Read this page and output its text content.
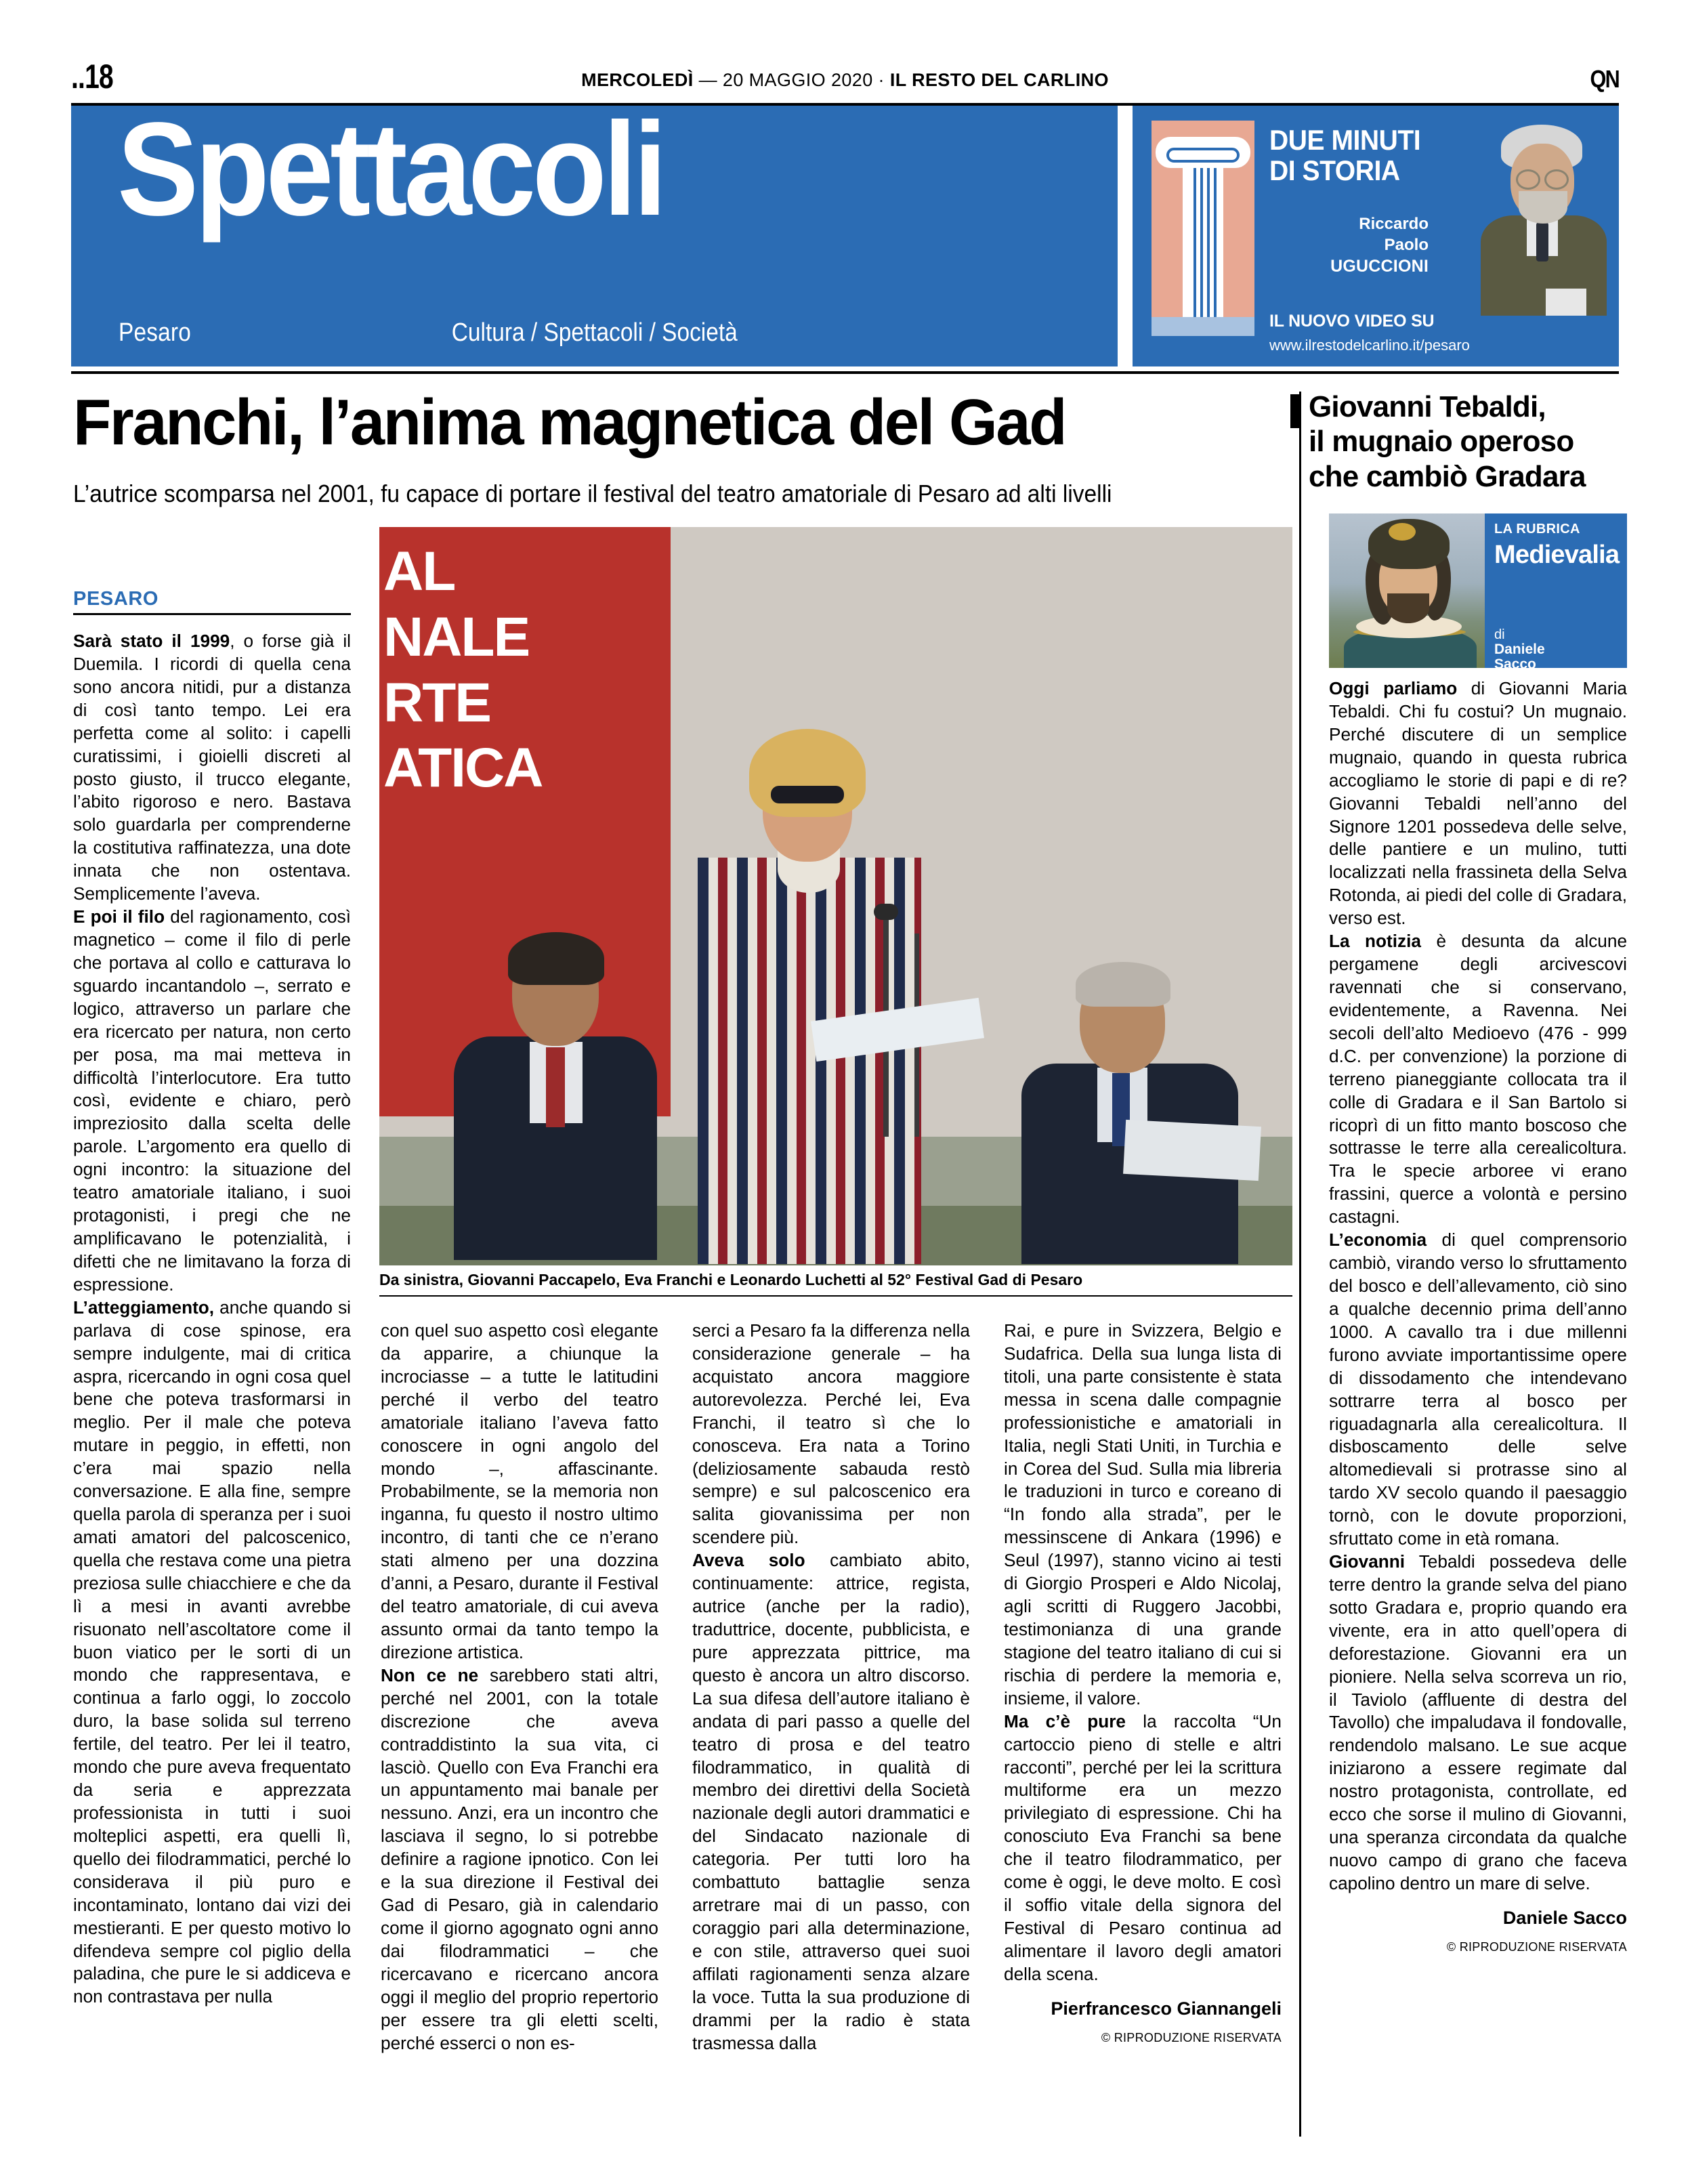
..18	MERCOLEDÌ — 20 MAGGIO 2020 · IL RESTO DEL CARLINO	QN
Spettacoli
Pesaro	Cultura / Spettacoli / Società
DUE MINUTI
DI STORIA
Riccardo
Paolo
UGUCCIONI
IL NUOVO VIDEO SU
www.ilrestodelcarlino.it/pesaro
Franchi, l’anima magnetica del Gad
L’autrice scomparsa nel 2001, fu capace di portare il festival del teatro amatoriale di Pesaro ad alti livelli
Giovanni Tebaldi,
il mugnaio operoso
che cambiò Gradara
PESARO	AL
NALE
RTE
ATICA
Da sinistra, Giovanni Paccapelo, Eva Franchi e Leonardo Luchetti al 52° Festival Gad di Pesaro

Sarà stato il 1999, o forse già il Duemila. I ricordi di quella cena sono ancora nitidi, pur a distanza di così tanto tempo. Lei era perfetta come al solito: i capelli curatissimi, i gioielli discreti al posto giusto, il trucco elegante, l’abito rigoroso e nero. Bastava solo guardarla per comprenderne la costitutiva raffinatezza, una dote innata che non ostentava. Semplicemente l’aveva.

E poi il filo del ragionamento, così magnetico – come il filo di perle che portava al collo e catturava lo sguardo incantandolo –, serrato e logico, attraverso un parlare che era ricercato per natura, non certo per posa, ma mai metteva in difficoltà l’interlocutore. Era tutto così, evidente e chiaro, però impreziosito dalla scelta delle parole. L’argomento era quello di ogni incontro: la situazione del teatro amatoriale italiano, i suoi protagonisti, i pregi che ne amplificavano le potenzialità, i difetti che ne limitavano la forza di espressione.

L’atteggiamento, anche quando si parlava di cose spinose, era sempre indulgente, mai di critica aspra, ricercando in ogni cosa quel bene che poteva trasformarsi in meglio. Per il male che poteva mutare in peggio, in effetti, non c’era mai spazio nella conversazione. E alla fine, sempre quella parola di speranza per i suoi amati amatori del palcoscenico, quella che restava come una pietra preziosa sulle chiacchiere e che da lì a mesi in avanti avrebbe risuonato nell’ascoltatore come il buon viatico per le sorti di un mondo che rappresentava, e continua a farlo oggi, lo zoccolo duro, la base solida sul terreno fertile, del teatro. Per lei il teatro, mondo che pure aveva frequentato da seria e apprezzata professionista in tutti i suoi molteplici aspetti, era quelli lì, quello dei filodrammatici, perché lo considerava il più puro e incontaminato, lontano dai vizi dei mestieranti. E per questo motivo lo difendeva sempre col piglio della paladina, che pure le si addiceva e non contrastava per nulla

con quel suo aspetto così elegante da apparire, a chiunque la incrociasse – a tutte le latitudini perché il verbo del teatro amatoriale italiano l’aveva fatto conoscere in ogni angolo del mondo –, affascinante. Probabilmente, se la memoria non inganna, fu questo il nostro ultimo incontro, di tanti che ce n’erano stati almeno per una dozzina d’anni, a Pesaro, durante il Festival del teatro amatoriale, di cui aveva assunto ormai da tanto tempo la direzione artistica.

Non ce ne sarebbero stati altri, perché nel 2001, con la totale discrezione che aveva contraddistinto la sua vita, ci lasciò. Quello con Eva Franchi era un appuntamento mai banale per nessuno. Anzi, era un incontro che lasciava il segno, lo si potrebbe definire a ragione ipnotico. Con lei e la sua direzione il Festival dei Gad di Pesaro, già in calendario come il giorno agognato ogni anno dai filodrammatici – che ricercavano e ricercano ancora oggi il meglio del proprio repertorio per essere tra gli eletti scelti, perché esserci o non es-

serci a Pesaro fa la differenza nella considerazione generale – ha acquistato ancora maggiore autorevolezza. Perché lei, Eva Franchi, il teatro sì che lo conosceva. Era nata a Torino (deliziosamente sabauda restò sempre) e sul palcoscenico era salita giovanissima per non scendere più.

Aveva solo cambiato abito, continuamente: attrice, regista, autrice (anche per la radio), traduttrice, docente, pubblicista, e pure apprezzata pittrice, ma questo è ancora un altro discorso. La sua difesa dell’autore italiano è andata di pari passo a quelle del teatro di prosa e del teatro filodrammatico, in qualità di membro dei direttivi della Società nazionale degli autori drammatici e del Sindacato nazionale di categoria. Per tutti loro ha combattuto battaglie senza arretrare mai di un passo, con coraggio pari alla determinazione, e con stile, attraverso quei suoi affilati ragionamenti senza alzare la voce. Tutta la sua produzione di drammi per la radio è stata trasmessa dalla

Rai, e pure in Svizzera, Belgio e Sudafrica. Della sua lunga lista di titoli, una parte consistente è stata messa in scena dalle compagnie professionistiche e amatoriali in Italia, negli Stati Uniti, in Turchia e in Corea del Sud. Sulla mia libreria le traduzioni in turco e coreano di “In fondo alla strada”, per le messinscene di Ankara (1996) e Seul (1997), stanno vicino ai testi di Giorgio Prosperi e Aldo Nicolaj, agli scritti di Ruggero Jacobbi, testimonianza di una grande stagione del teatro italiano di cui si rischia di perdere la memoria e, insieme, il valore.

Ma c’è pure la raccolta “Un cartoccio pieno di stelle e altri racconti”, perché per lei la scrittura multiforme era un mezzo privilegiato di espressione. Chi ha conosciuto Eva Franchi sa bene che il teatro filodrammatico, per come è oggi, le deve molto. E così il soffio vitale della signora del Festival di Pesaro continua ad alimentare il lavoro degli amatori della scena.

Pierfrancesco Giannangeli
© RIPRODUZIONE RISERVATA
LA RUBRICA
Medievalia
di
Daniele
Sacco

Oggi parliamo di Giovanni Maria Tebaldi. Chi fu costui? Un mugnaio. Perché discutere di un semplice mugnaio, quando in questa rubrica accogliamo le storie di papi e di re? Giovanni Tebaldi nell’anno del Signore 1201 possedeva delle selve, delle pantiere e un mulino, tutti localizzati nella frassineta della Selva Rotonda, ai piedi del colle di Gradara, verso est.

La notizia è desunta da alcune pergamene degli arcivescovi ravennati che si conservano, evidentemente, a Ravenna. Nei secoli dell’alto Medioevo (476 - 999 d.C. per convenzione) la porzione di terreno pianeggiante collocata tra il colle di Gradara e il San Bartolo si ricoprì di un fitto manto boscoso che sottrasse le terre alla cerealicoltura. Tra le specie arboree vi erano frassini, querce a volontà e persino castagni.

L’economia di quel comprensorio cambiò, virando verso lo sfruttamento del bosco e dell’allevamento, ciò sino a qualche decennio prima dell’anno 1000. A cavallo tra i due millenni furono avviate importantissime opere di dissodamento che intendevano sottrarre terra al bosco per riguadagnarla alla cerealicoltura. Il disboscamento delle selve altomedievali si protrasse sino al tardo XV secolo quando il paesaggio tornò, con le dovute proporzioni, sfruttato come in età romana.

Giovanni Tebaldi possedeva delle terre dentro la grande selva del piano sotto Gradara e, proprio quando era vivente, era in atto quell’opera di deforestazione. Giovanni era un pioniere. Nella selva scorreva un rio, il Taviolo (affluente di destra del Tavollo) che impaludava il fondovalle, rendendolo malsano. Le sue acque iniziarono a essere regimate dal nostro protagonista, controllate, ed ecco che sorse il mulino di Giovanni, una speranza circondata da qualche nuovo campo di grano che faceva capolino dentro un mare di selve.

Daniele Sacco
© RIPRODUZIONE RISERVATA
